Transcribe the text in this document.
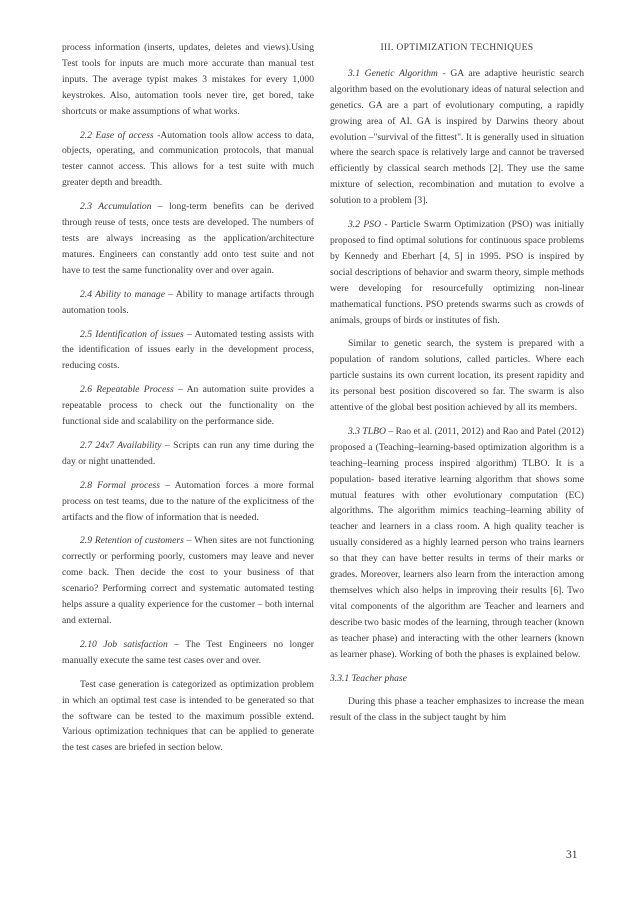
process information (inserts, updates, deletes and views).Using Test tools for inputs are much more accurate than manual test inputs. The average typist makes 3 mistakes for every 1,000 keystrokes. Also, automation tools never tire, get bored, take shortcuts or make assumptions of what works.

2.2 Ease of access -Automation tools allow access to data, objects, operating, and communication protocols, that manual tester cannot access. This allows for a test suite with much greater depth and breadth.

2.3 Accumulation – long-term benefits can be derived through reuse of tests, once tests are developed. The numbers of tests are always increasing as the application/architecture matures. Engineers can constantly add onto test suite and not have to test the same functionality over and over again.

2.4 Ability to manage – Ability to manage artifacts through automation tools.

2.5 Identification of issues – Automated testing assists with the identification of issues early in the development process, reducing costs.

2.6 Repeatable Process – An automation suite provides a repeatable process to check out the functionality on the functional side and scalability on the performance side.

2.7 24x7 Availability – Scripts can run any time during the day or night unattended.

2.8 Formal process – Automation forces a more formal process on test teams, due to the nature of the explicitness of the artifacts and the flow of information that is needed.

2.9 Retention of customers – When sites are not functioning correctly or performing poorly, customers may leave and never come back. Then decide the cost to your business of that scenario? Performing correct and systematic automated testing helps assure a quality experience for the customer – both internal and external.

2.10 Job satisfaction – The Test Engineers no longer manually execute the same test cases over and over.

Test case generation is categorized as optimization problem in which an optimal test case is intended to be generated so that the software can be tested to the maximum possible extend. Various optimization techniques that can be applied to generate the test cases are briefed in section below.

III. OPTIMIZATION TECHNIQUES

3.1 Genetic Algorithm - GA are adaptive heuristic search algorithm based on the evolutionary ideas of natural selection and genetics. GA are a part of evolutionary computing, a rapidly growing area of AI. GA is inspired by Darwins theory about evolution –"survival of the fittest". It is generally used in situation where the search space is relatively large and cannot be traversed efficiently by classical search methods [2]. They use the same mixture of selection, recombination and mutation to evolve a solution to a problem [3].

3.2 PSO - Particle Swarm Optimization (PSO) was initially proposed to find optimal solutions for continuous space problems by Kennedy and Eberhart [4, 5] in 1995. PSO is inspired by social descriptions of behavior and swarm theory, simple methods were developing for resourcefully optimizing non-linear mathematical functions. PSO pretends swarms such as crowds of animals, groups of birds or institutes of fish.

Similar to genetic search, the system is prepared with a population of random solutions, called particles. Where each particle sustains its own current location, its present rapidity and its personal best position discovered so far. The swarm is also attentive of the global best position achieved by all its members.

3.3 TLBO – Rao et al. (2011, 2012) and Rao and Patel (2012) proposed a (Teaching–learning-based optimization algorithm is a teaching–learning process inspired algorithm) TLBO. It is a population- based iterative learning algorithm that shows some mutual features with other evolutionary computation (EC) algorithms. The algorithm mimics teaching–learning ability of teacher and learners in a class room. A high quality teacher is usually considered as a highly learned person who trains learners so that they can have better results in terms of their marks or grades. Moreover, learners also learn from the interaction among themselves which also helps in improving their results [6]. Two vital components of the algorithm are Teacher and learners and describe two basic modes of the learning, through teacher (known as teacher phase) and interacting with the other learners (known as learner phase). Working of both the phases is explained below.

3.3.1 Teacher phase

During this phase a teacher emphasizes to increase the mean result of the class in the subject taught by him

31
